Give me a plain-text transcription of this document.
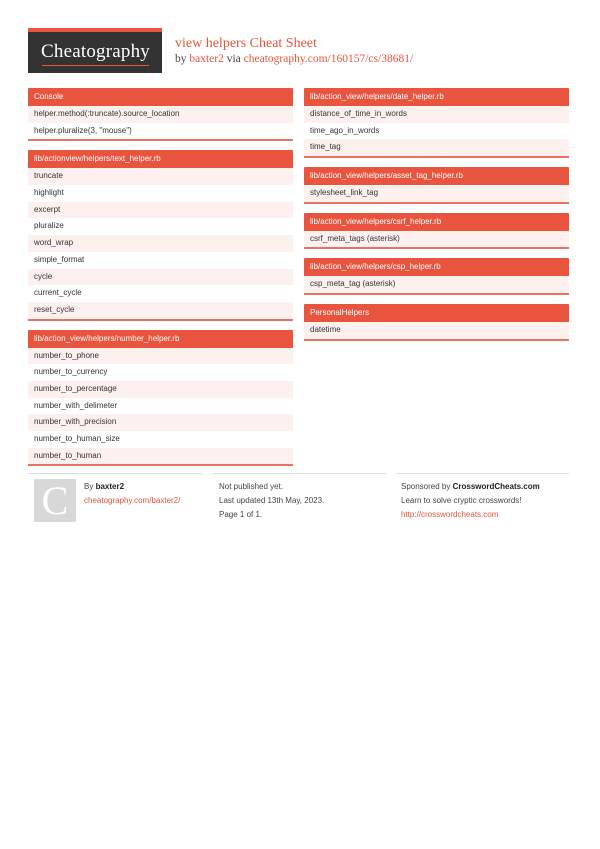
Cheatography view helpers Cheat Sheet
by baxter2 via cheatography.com/160157/cs/38681/
Console
helper.method(:truncate).source_location
helper.pluralize(3, "mouse")
lib/actionview/helpers/text_helper.rb
truncate
highlight
excerpt
pluralize
word_wrap
simple_format
cycle
current_cycle
reset_cycle
lib/action_view/helpers/number_helper.rb
number_to_phone
number_to_currency
number_to_percentage
number_with_delimeter
number_with_precision
number_to_human_size
number_to_human
lib/action_view/helpers/date_helper.rb
distance_of_time_in_words
time_ago_in_words
time_tag
lib/action_view/helpers/asset_tag_helper.rb
stylesheet_link_tag
lib/action_view/helpers/csrf_helper.rb
csrf_meta_tags (asterisk)
lib/action_view/helpers/csp_helper.rb
csp_meta_tag (asterisk)
PersonalHelpers
datetime
C	By baxter2
cheatography.com/baxter2/
Not published yet.
Last updated 13th May, 2023.
Page 1 of 1.
Sponsored by CrosswordCheats.com
Learn to solve cryptic crosswords!
http://crosswordcheats.com
